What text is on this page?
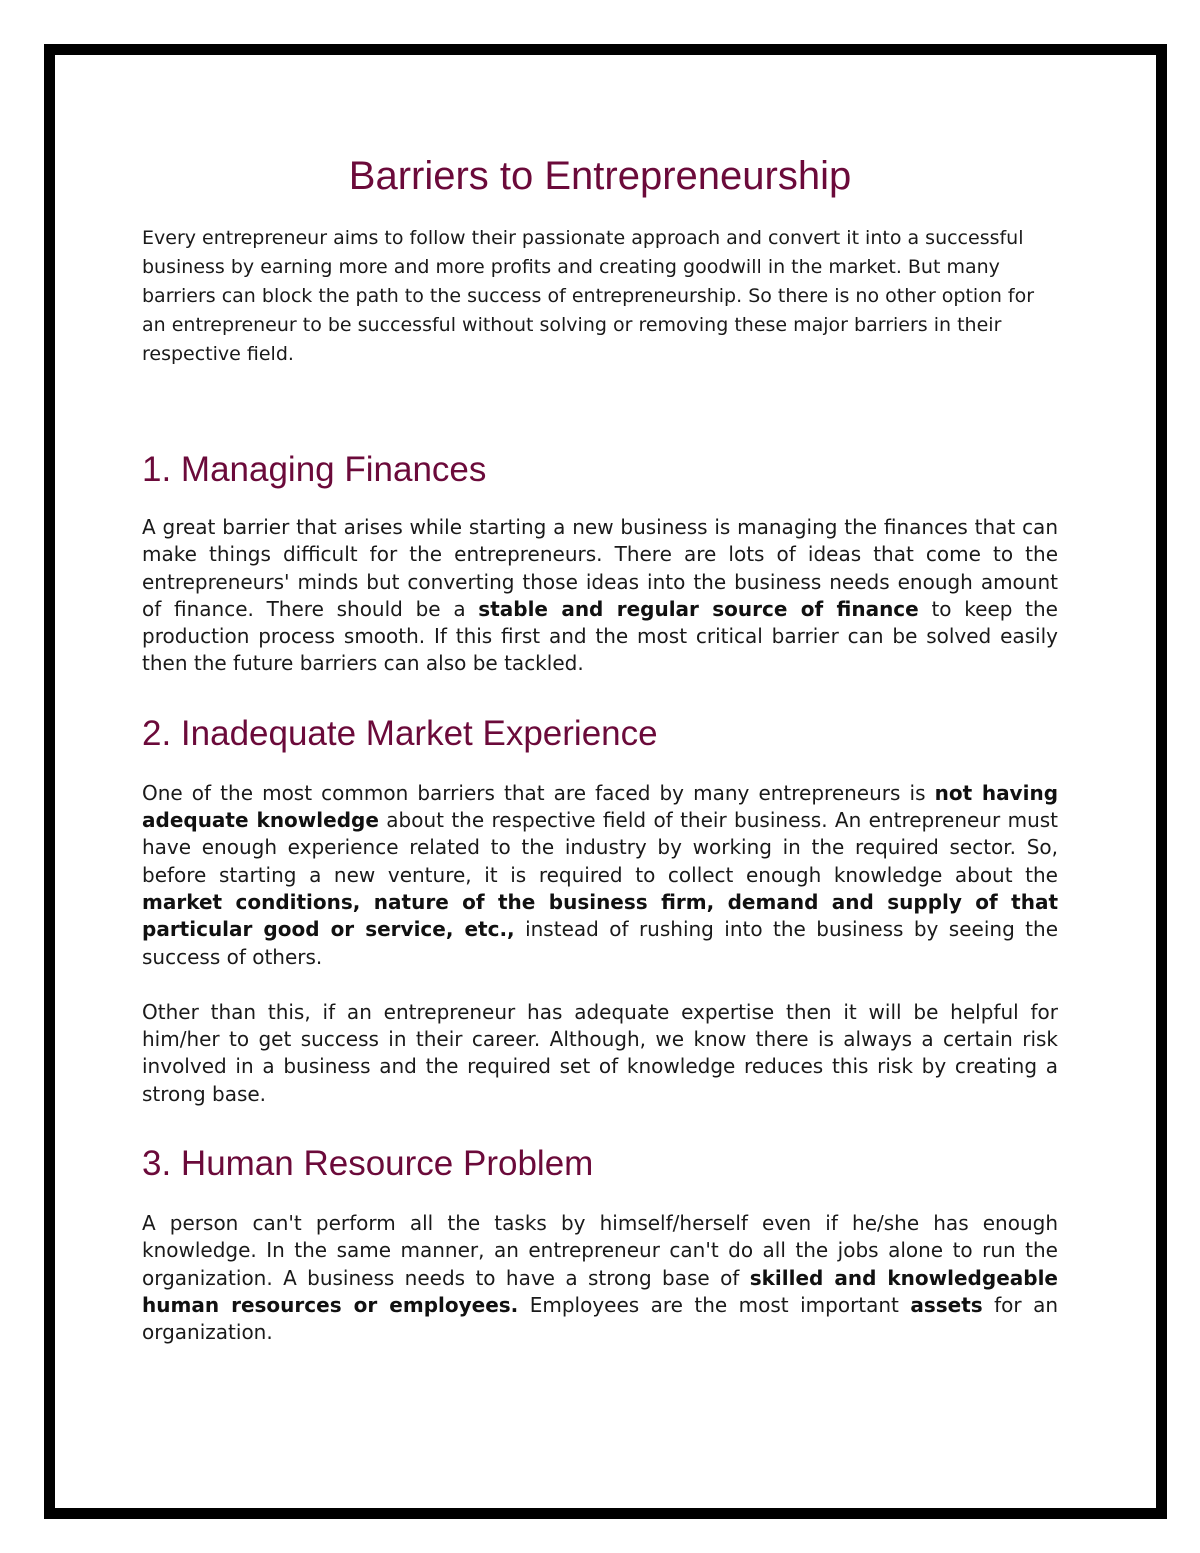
Barriers to Entrepreneurship

Every entrepreneur aims to follow their passionate approach and convert it into a successful business by earning more and more profits and creating goodwill in the market. But many barriers can block the path to the success of entrepreneurship. So there is no other option for an entrepreneur to be successful without solving or removing these major barriers in their respective field.

1. Managing Finances

A great barrier that arises while starting a new business is managing the finances that can make things difficult for the entrepreneurs. There are lots of ideas that come to the entrepreneurs' minds but converting those ideas into the business needs enough amount of finance. There should be a stable and regular source of finance to keep the production process smooth. If this first and the most critical barrier can be solved easily then the future barriers can also be tackled.

2. Inadequate Market Experience

One of the most common barriers that are faced by many entrepreneurs is not having adequate knowledge about the respective field of their business. An entrepreneur must have enough experience related to the industry by working in the required sector. So, before starting a new venture, it is required to collect enough knowledge about the market conditions, nature of the business firm, demand and supply of that particular good or service, etc., instead of rushing into the business by seeing the success of others.

Other than this, if an entrepreneur has adequate expertise then it will be helpful for him/her to get success in their career. Although, we know there is always a certain risk involved in a business and the required set of knowledge reduces this risk by creating a strong base.

3. Human Resource Problem

A person can't perform all the tasks by himself/herself even if he/she has enough knowledge. In the same manner, an entrepreneur can't do all the jobs alone to run the organization. A business needs to have a strong base of skilled and knowledgeable human resources or employees. Employees are the most important assets for an organization.
